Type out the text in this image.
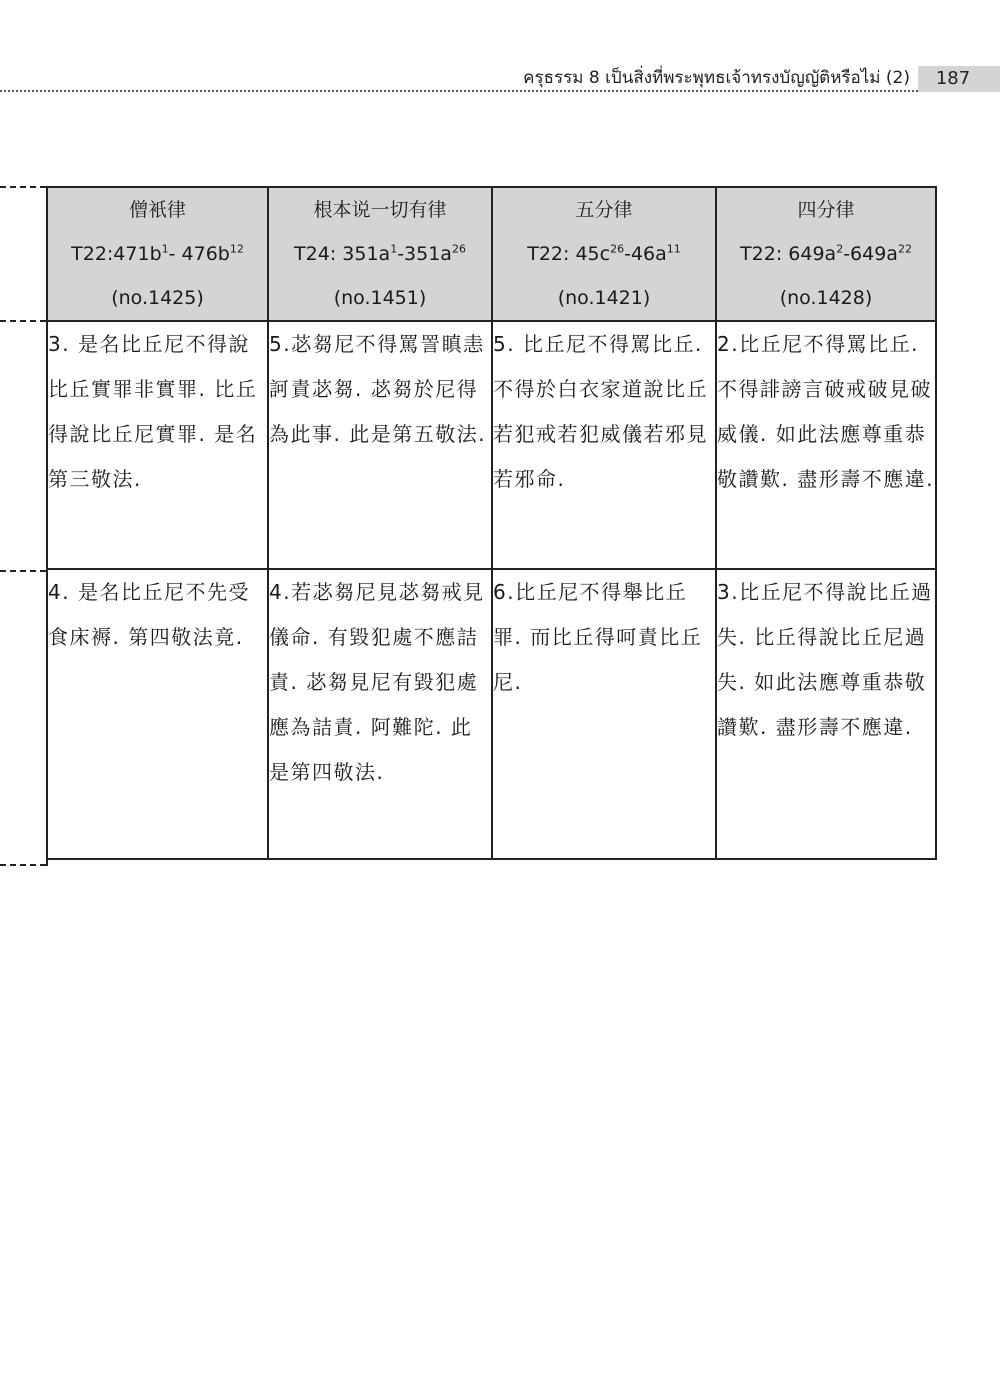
ครุธรรม 8 เป็นสิ่งที่พระพุทธเจ้าทรงบัญญัติหรือไม่ (2)	187
僧衹律
$T22:471b^1-$ $476b^{12}$
(no.1425)	根本说一切有律
T24: $351a^1-351a^{26}$
(no.1451)	五分律
T22: $45c^{26}-46a^{11}$
(no.1421)	四分律
T22: $649a^2-649a^{22}$
(no.1428)

3. 是名比丘尼不得說比丘實罪非實罪. 比丘得說比丘尼實罪. 是名第三敬法.	5.苾芻尼不得罵詈瞋恚訶責苾芻. 苾芻於尼得為此事. 此是第五敬法.	5. 比丘尼不得罵比丘. 不得於白衣家道說比丘若犯戒若犯威儀若邪見若邪命.	2.比丘尼不得罵比丘. 不得誹謗言破戒破見破威儀. 如此法應尊重恭敬讚歎. 盡形壽不應違.
4. 是名比丘尼不先受食床褥. 第四敬法竟.	4.若苾芻尼見苾芻戒見儀命. 有毀犯處不應詰責. 苾芻見尼有毀犯處應為詰責. 阿難陀. 此是第四敬法.	6.比丘尼不得舉比丘罪. 而比丘得呵責比丘尼.	3.比丘尼不得說比丘過失. 比丘得說比丘尼過失. 如此法應尊重恭敬讚歎. 盡形壽不應違.
